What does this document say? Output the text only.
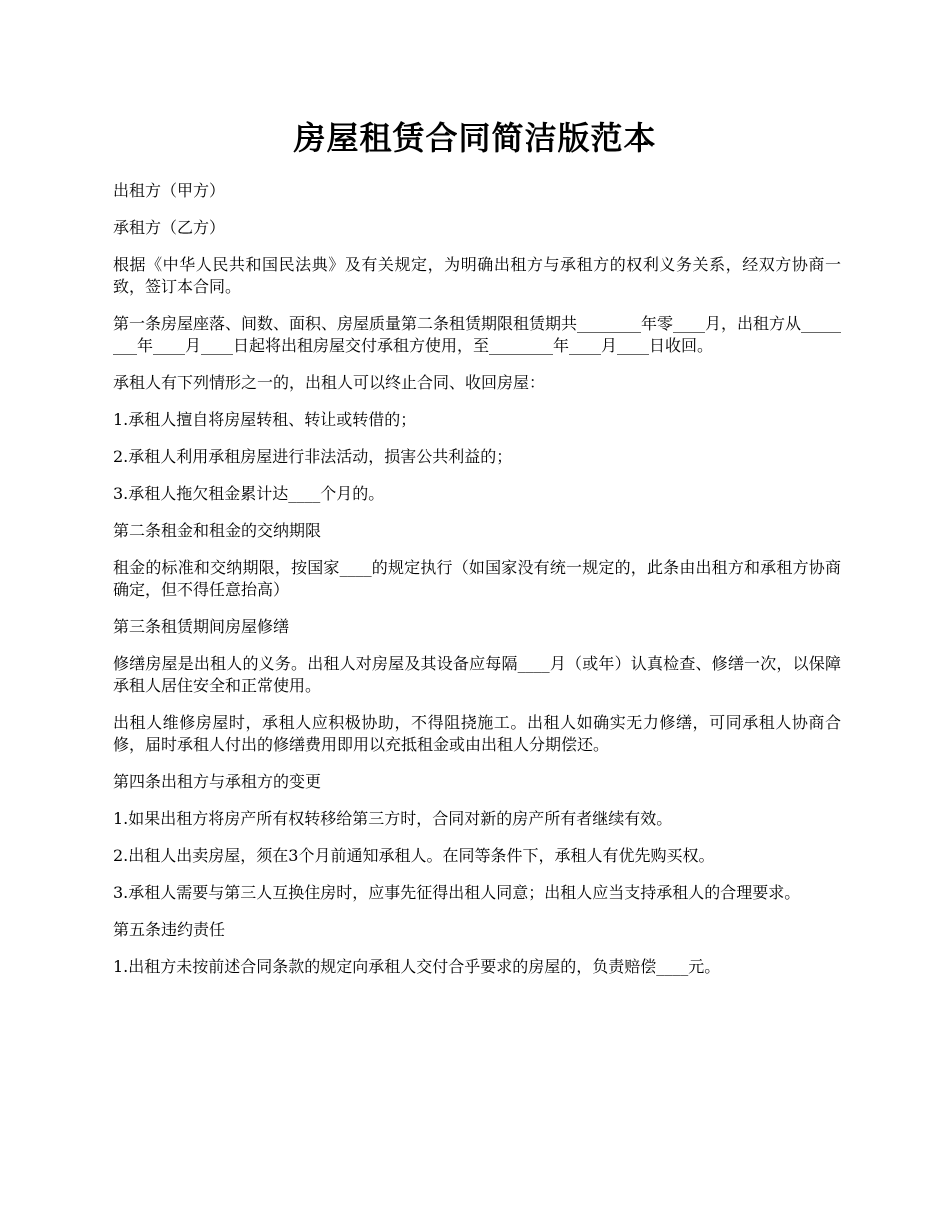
房屋租赁合同简洁版范本

出租方（甲方）

承租方（乙方）

根据《中华人民共和国民法典》及有关规定，为明确出租方与承租方的权利义务关系，经双方协商一致，签订本合同。

第一条房屋座落、间数、面积、房屋质量第二条租赁期限租赁期共________年零____月，出租方从________年____月____日起将出租房屋交付承租方使用，至________年____月____日收回。

承租人有下列情形之一的，出租人可以终止合同、收回房屋：

1.承租人擅自将房屋转租、转让或转借的；

2.承租人利用承租房屋进行非法活动，损害公共利益的；

3.承租人拖欠租金累计达____个月的。

第二条租金和租金的交纳期限

租金的标准和交纳期限，按国家____的规定执行（如国家没有统一规定的，此条由出租方和承租方协商确定，但不得任意抬高）

第三条租赁期间房屋修缮

修缮房屋是出租人的义务。出租人对房屋及其设备应每隔____月（或年）认真检查、修缮一次，以保障承租人居住安全和正常使用。

出租人维修房屋时，承租人应积极协助，不得阻挠施工。出租人如确实无力修缮，可同承租人协商合修，届时承租人付出的修缮费用即用以充抵租金或由出租人分期偿还。

第四条出租方与承租方的变更

1.如果出租方将房产所有权转移给第三方时，合同对新的房产所有者继续有效。

2.出租人出卖房屋，须在3个月前通知承租人。在同等条件下，承租人有优先购买权。

3.承租人需要与第三人互换住房时，应事先征得出租人同意；出租人应当支持承租人的合理要求。

第五条违约责任

1.出租方未按前述合同条款的规定向承租人交付合乎要求的房屋的，负责赔偿____元。
